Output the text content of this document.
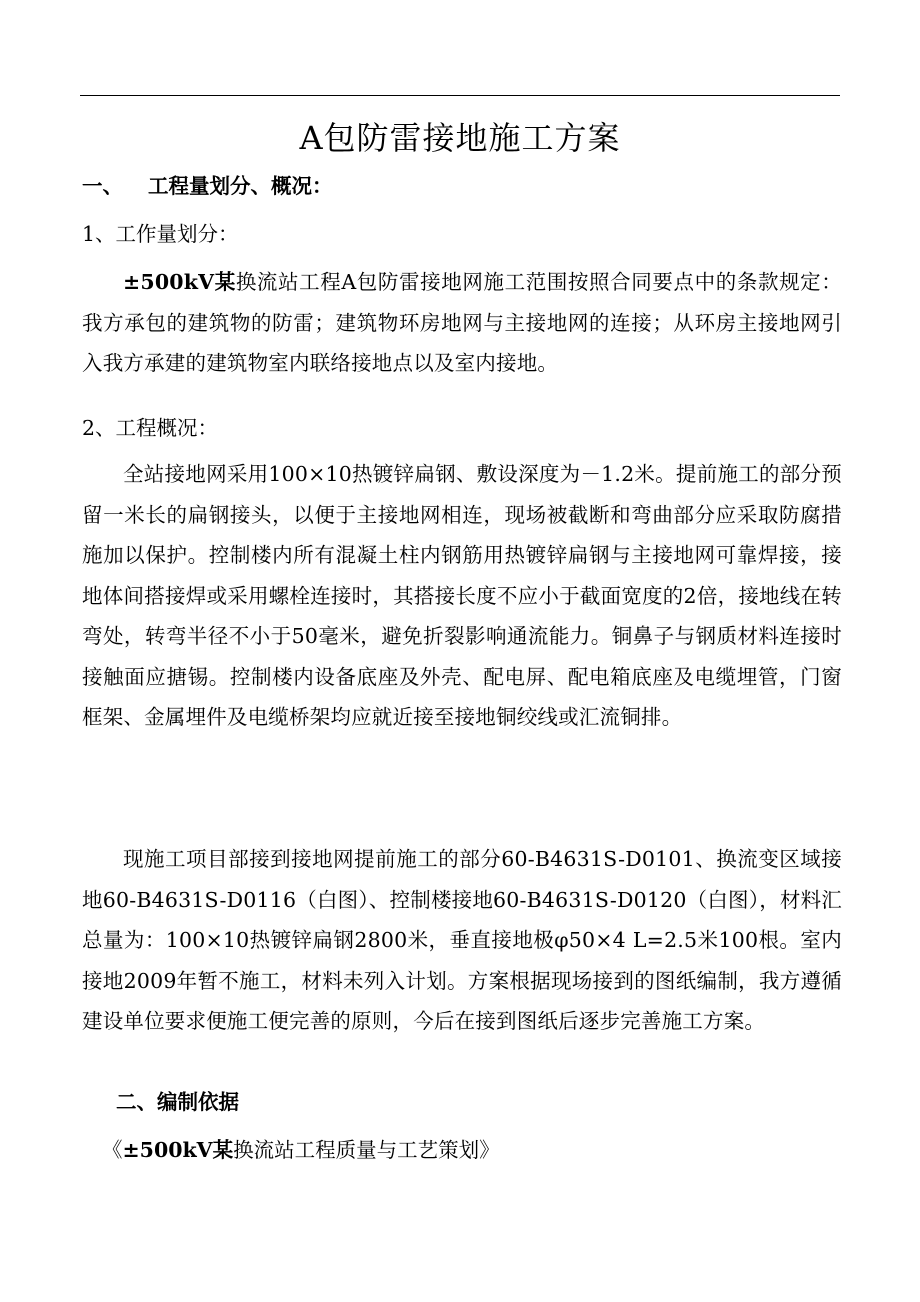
A包防雷接地施工方案
一、 工程量划分、概况：
1、工作量划分：
±500kV某换流站工程A包防雷接地网施工范围按照合同要点中的条款规定：我方承包的建筑物的防雷；建筑物环房地网与主接地网的连接；从环房主接地网引入我方承建的建筑物室内联络接地点以及室内接地。
2、工程概况：
全站接地网采用100×10热镀锌扁钢、敷设深度为－1.2米。提前施工的部分预留一米长的扁钢接头，以便于主接地网相连，现场被截断和弯曲部分应采取防腐措施加以保护。控制楼内所有混凝土柱内钢筋用热镀锌扁钢与主接地网可靠焊接，接地体间搭接焊或采用螺栓连接时，其搭接长度不应小于截面宽度的2倍，接地线在转弯处，转弯半径不小于50毫米，避免折裂影响通流能力。铜鼻子与钢质材料连接时接触面应搪锡。控制楼内设备底座及外壳、配电屏、配电箱底座及电缆埋管，门窗框架、金属埋件及电缆桥架均应就近接至接地铜绞线或汇流铜排。
现施工项目部接到接地网提前施工的部分60-B4631S-D0101、换流变区域接地60-B4631S-D0116（白图）、控制楼接地60-B4631S-D0120（白图），材料汇总量为：100×10热镀锌扁钢2800米，垂直接地极φ50×4 L=2.5米100根。室内接地2009年暂不施工，材料未列入计划。方案根据现场接到的图纸编制，我方遵循建设单位要求便施工便完善的原则，今后在接到图纸后逐步完善施工方案。
二、编制依据
《±500kV某换流站工程质量与工艺策划》
